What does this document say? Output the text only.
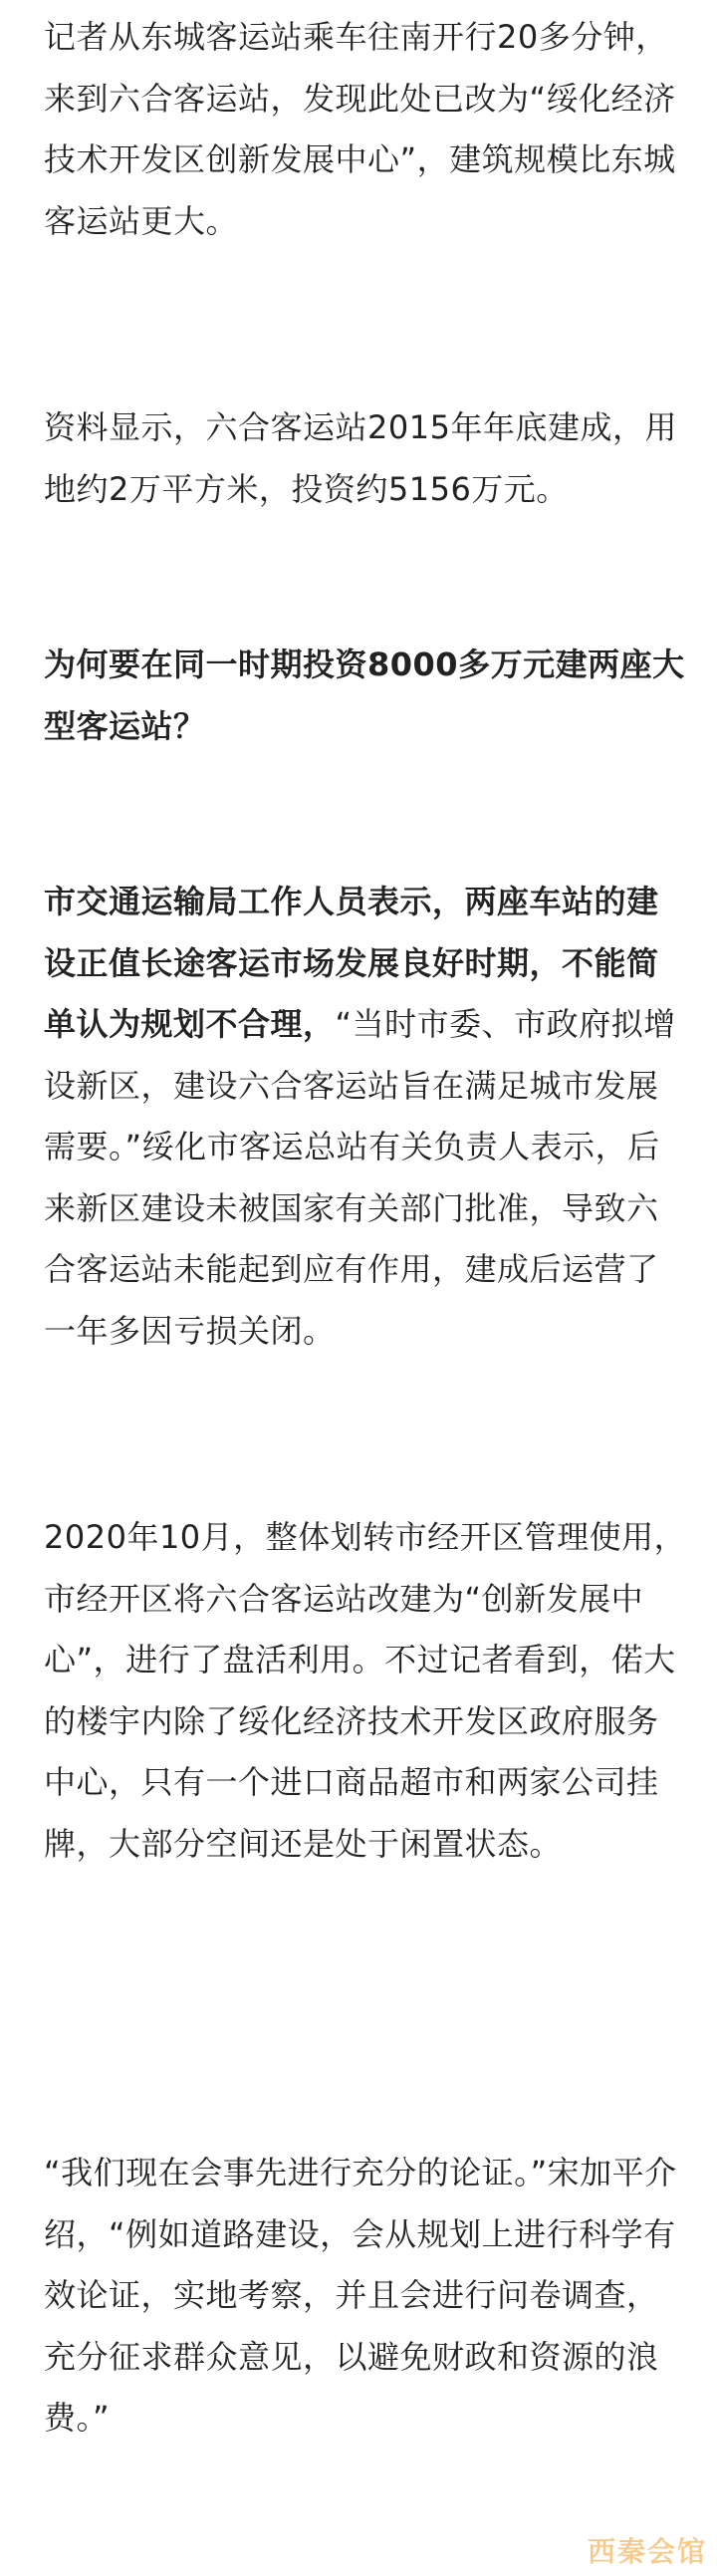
记者从东城客运站乘车往南开行20多分钟，来到六合客运站，发现此处已改为“绥化经济技术开发区创新发展中心”，建筑规模比东城客运站更大。

资料显示，六合客运站2015年年底建成，用地约2万平方米，投资约5156万元。

为何要在同一时期投资8000多万元建两座大型客运站？

市交通运输局工作人员表示，两座车站的建设正值长途客运市场发展良好时期，不能简单认为规划不合理，“当时市委、市政府拟增设新区，建设六合客运站旨在满足城市发展需要。”绥化市客运总站有关负责人表示，后来新区建设未被国家有关部门批准，导致六合客运站未能起到应有作用，建成后运营了一年多因亏损关闭。

2020年10月，整体划转市经开区管理使用，市经开区将六合客运站改建为“创新发展中心”，进行了盘活利用。不过记者看到，偌大的楼宇内除了绥化经济技术开发区政府服务中心，只有一个进口商品超市和两家公司挂牌，大部分空间还是处于闲置状态。

“我们现在会事先进行充分的论证。”宋加平介绍，“例如道路建设，会从规划上进行科学有效论证，实地考察，并且会进行问卷调查，充分征求群众意见，以避免财政和资源的浪费。”

西秦会馆
